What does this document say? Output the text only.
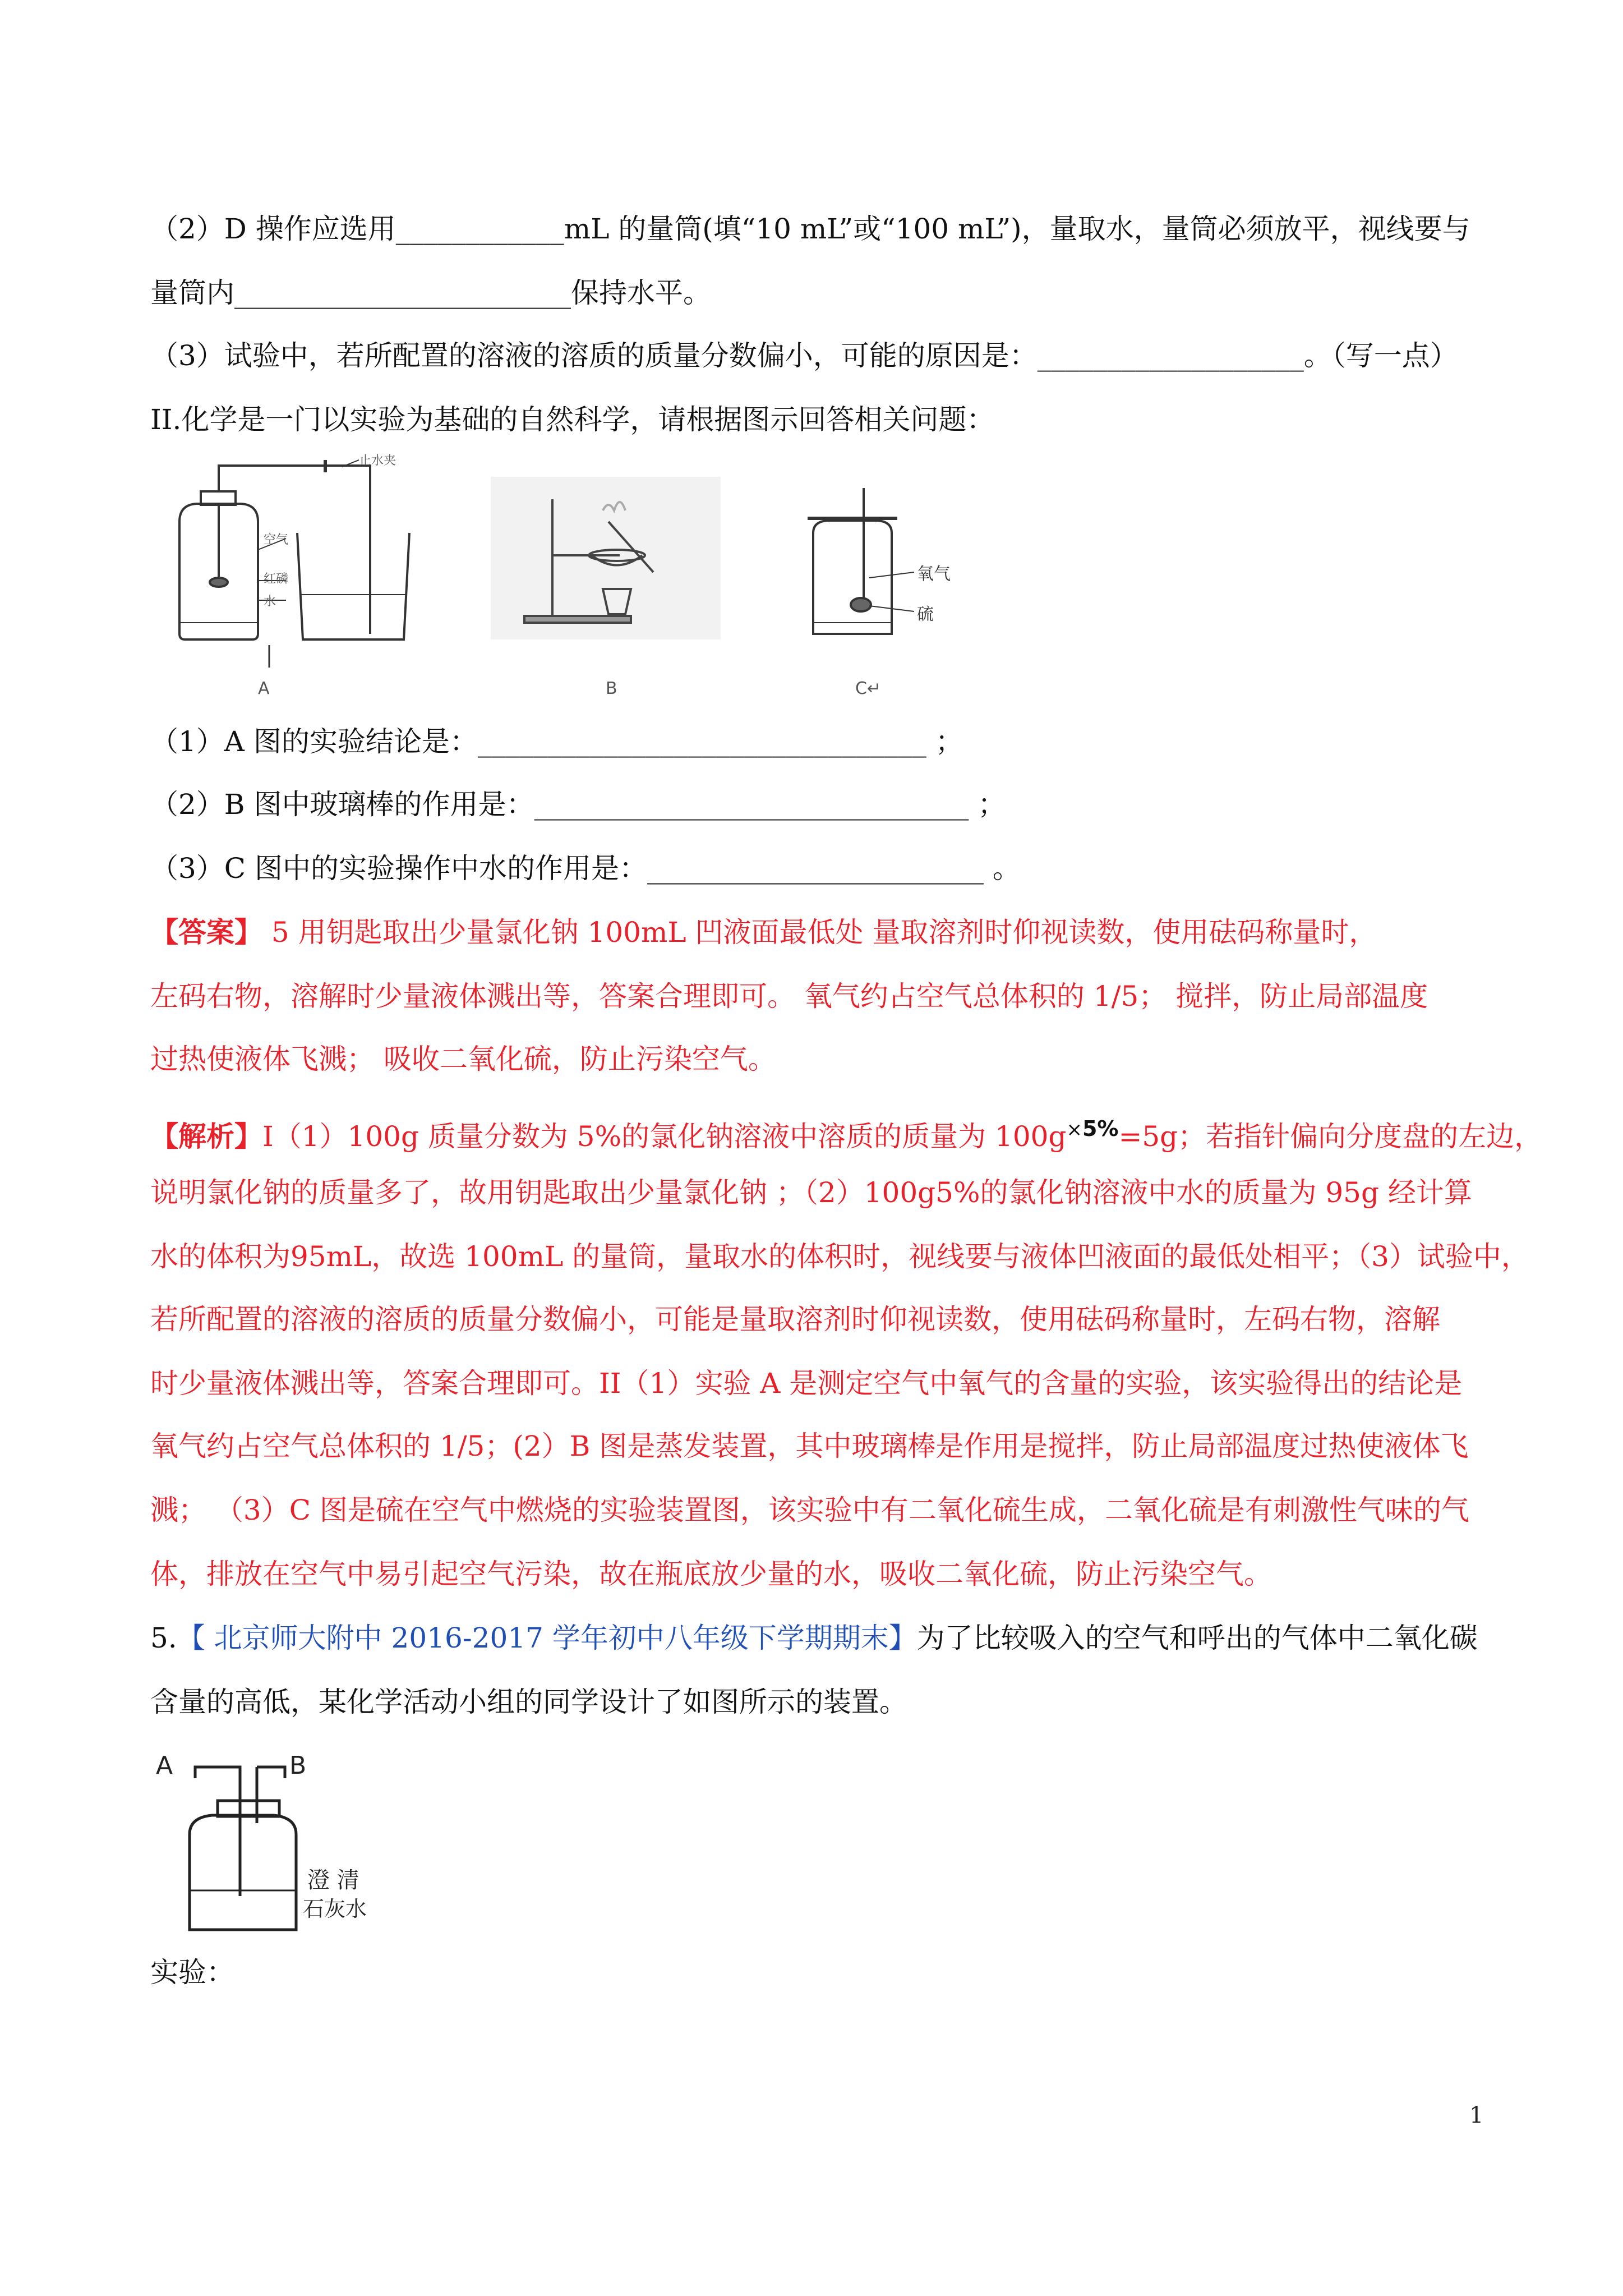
（2）D 操作应选用____________mL 的量筒(填“10 mL”或“100 mL”)，量取水，量筒必须放平，视线要与
量筒内________________________保持水平。
（3）试验中，若所配置的溶液的溶质的质量分数偏小，可能的原因是：___________________。（写一点）
II.化学是一门以实验为基础的自然科学，请根据图示回答相关问题：
止水夹
空气
红磷
水
A	B
氧气
硫
C↵
（1）A 图的实验结论是：________________________________ ；
（2）B 图中玻璃棒的作用是：_______________________________ ；
（3）C 图中的实验操作中水的作用是：________________________ 。
【答案】 5 用钥匙取出少量氯化钠 100mL 凹液面最低处 量取溶剂时仰视读数，使用砝码称量时，
左码右物，溶解时少量液体溅出等，答案合理即可。 氧气约占空气总体积的 1/5； 搅拌，防止局部温度
过热使液体飞溅； 吸收二氧化硫，防止污染空气。
【解析】I（1）100g 质量分数为 5%的氯化钠溶液中溶质的质量为 $100g^{\times 5\%}=5g$；若指针偏向分度盘的左边，
说明氯化钠的质量多了，故用钥匙取出少量氯化钠 ；（2）100g5%的氯化钠溶液中水的质量为 95g 经计算
水的体积为95mL，故选 100mL 的量筒，量取水的体积时，视线要与液体凹液面的最低处相平；（3）试验中，
若所配置的溶液的溶质的质量分数偏小，可能是量取溶剂时仰视读数，使用砝码称量时，左码右物，溶解
时少量液体溅出等，答案合理即可。II（1）实验 A 是测定空气中氧气的含量的实验，该实验得出的结论是
氧气约占空气总体积的 1/5；(2）B 图是蒸发装置，其中玻璃棒是作用是搅拌，防止局部温度过热使液体飞
溅； （3）C 图是硫在空气中燃烧的实验装置图，该实验中有二氧化硫生成，二氧化硫是有刺激性气味的气
体，排放在空气中易引起空气污染，故在瓶底放少量的水，吸收二氧化硫，防止污染空气。
5.【 北京师大附中 2016-2017 学年初中八年级下学期期末】为了比较吸入的空气和呼出的气体中二氧化碳
含量的高低，某化学活动小组的同学设计了如图所示的装置。
A	B
澄 清
石灰水
实验：
1
